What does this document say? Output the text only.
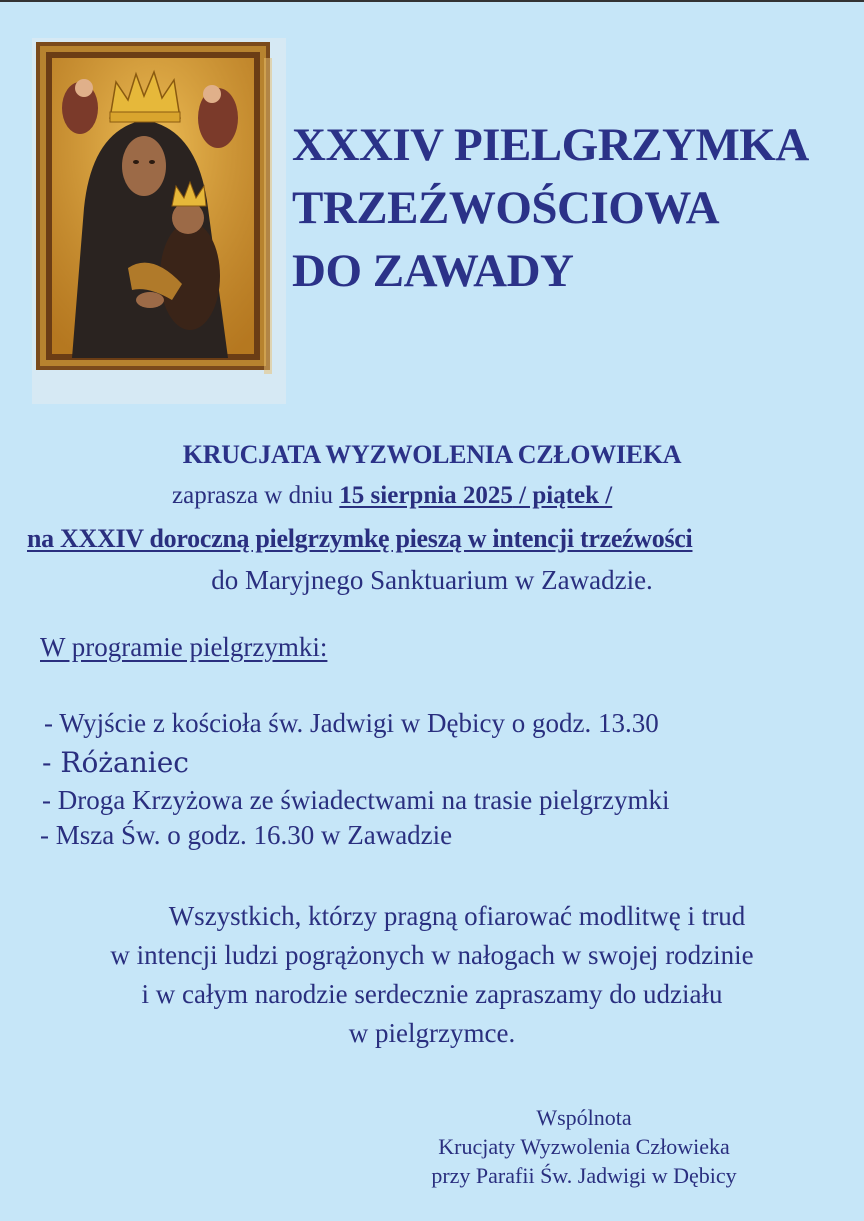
XXXIV PIELGRZYMKA
TRZEŹWOŚCIOWA
DO ZAWADY
KRUCJATA WYZWOLENIA CZŁOWIEKA
zaprasza w dniu 15 sierpnia 2025 / piątek /
na XXXIV doroczną pielgrzymkę pieszą w intencji trzeźwości
do Maryjnego Sanktuarium w Zawadzie.
W programie pielgrzymki:
- Wyjście z kościoła św. Jadwigi w Dębicy o godz. 13.30
- Różaniec
- Droga Krzyżowa ze świadectwami na trasie pielgrzymki
- Msza Św. o godz. 16.30 w Zawadzie
Wszystkich, którzy pragną ofiarować modlitwę i trud
w intencji ludzi pogrążonych w nałogach w swojej rodzinie
i w całym narodzie serdecznie zapraszamy do udziału
w pielgrzymce.
Wspólnota
Krucjaty Wyzwolenia Człowieka
przy Parafii Św. Jadwigi w Dębicy
